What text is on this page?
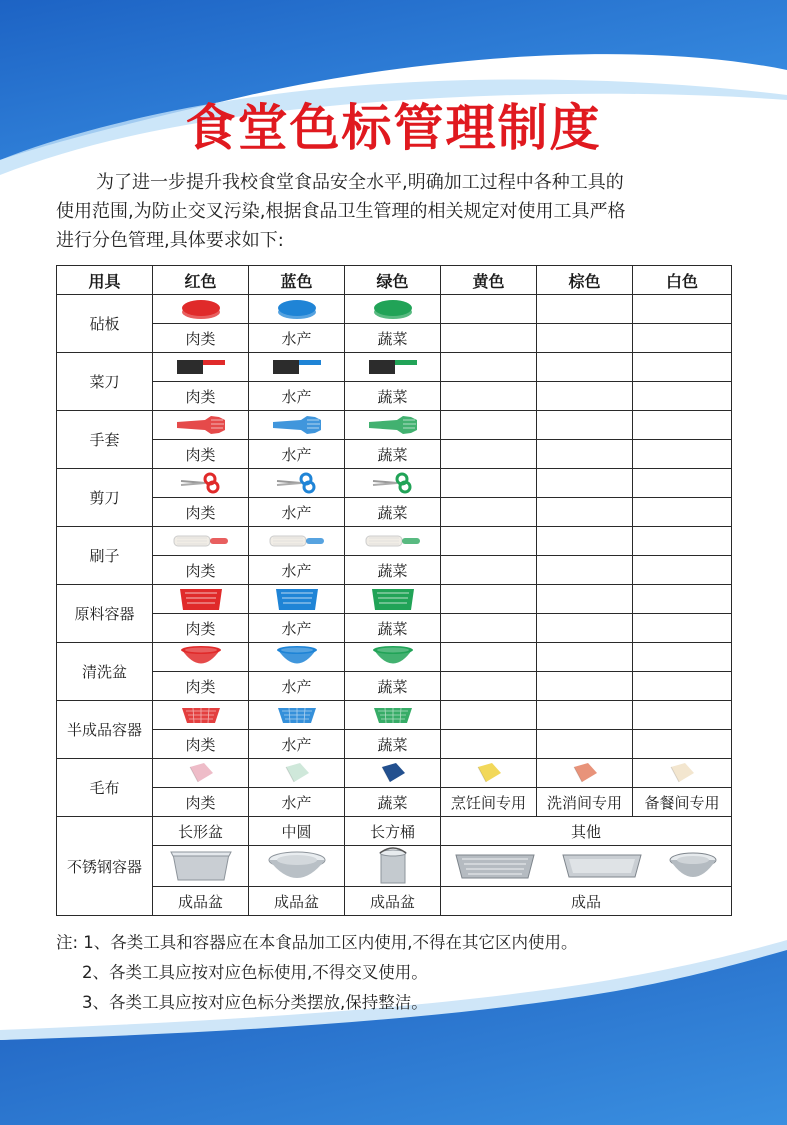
食堂色标管理制度
为了进一步提升我校食堂食品安全水平,明确加工过程中各种工具的
使用范围,为防止交叉污染,根据食品卫生管理的相关规定对使用工具严格
进行分色管理,具体要求如下:
用具	红色	蓝色	绿色	黄色	棕色	白色
砧板	

	肉类	水产	蔬菜			
菜刀	

	肉类	水产	蔬菜			
手套	

	肉类	水产	蔬菜			
剪刀	

	肉类	水产	蔬菜			
刷子	

	肉类	水产	蔬菜			
原料容器	

	肉类	水产	蔬菜			
清洗盆	

	肉类	水产	蔬菜			
半成品容器	

	肉类	水产	蔬菜			
毛布	

	肉类	水产	蔬菜	烹饪间专用	洗消间专用	备餐间专用
不锈钢容器	长形盆	中圆	长方桶	其他		

	成品盆	成品盆	成品盆	成品		
注: 1、各类工具和容器应在本食品加工区内使用,不得在其它区内使用。
2、各类工具应按对应色标使用,不得交叉使用。
3、各类工具应按对应色标分类摆放,保持整洁。
